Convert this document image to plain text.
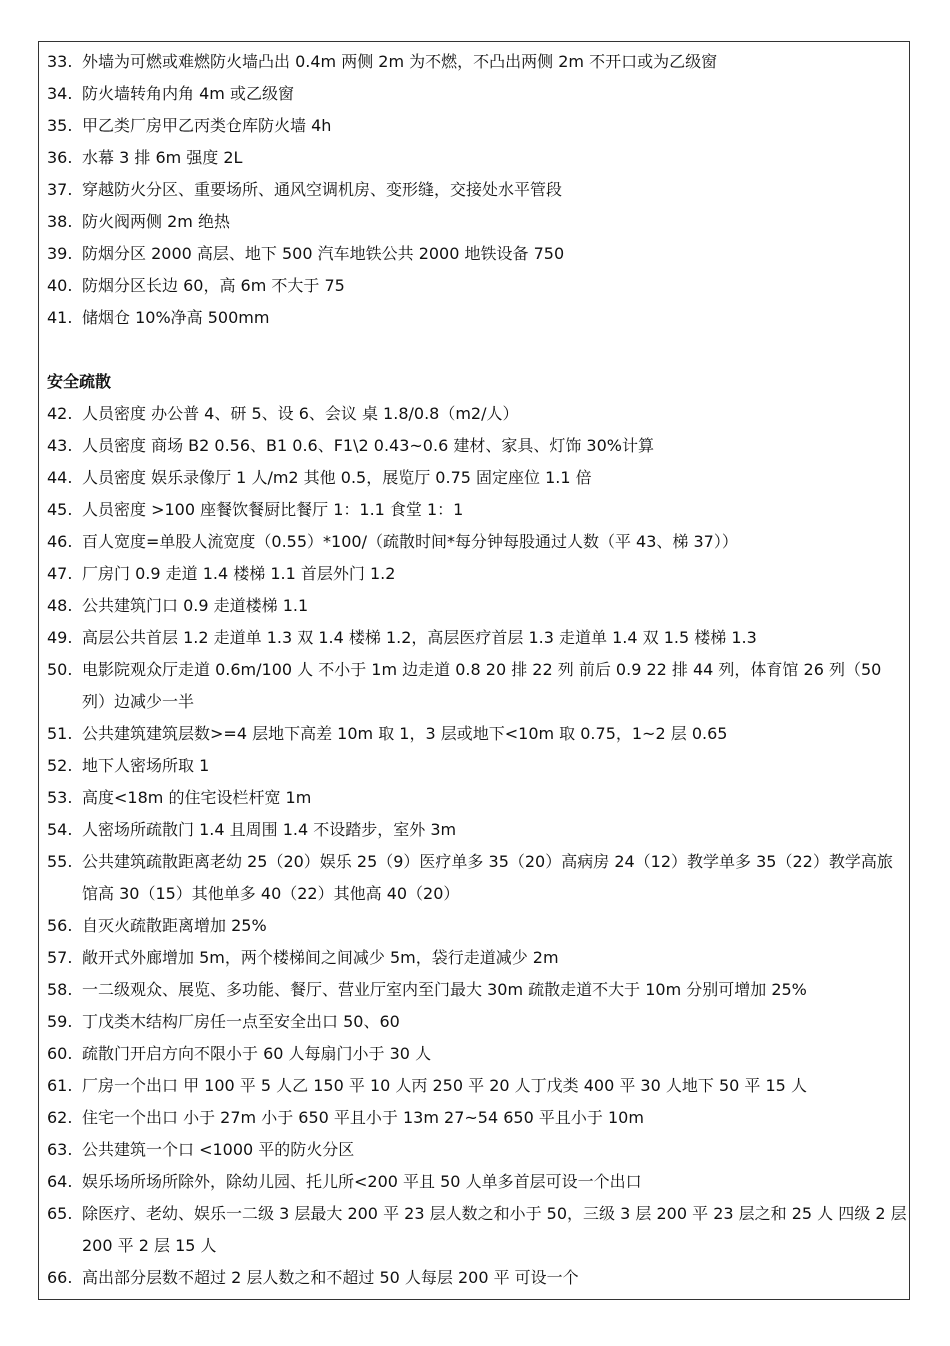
33. 外墙为可燃或难燃防火墙凸出 0.4m 两侧 2m 为不燃，不凸出两侧 2m 不开口或为乙级窗
34. 防火墙转角内角 4m 或乙级窗
35. 甲乙类厂房甲乙丙类仓库防火墙 4h
36. 水幕 3 排 6m 强度 2L
37. 穿越防火分区、重要场所、通风空调机房、变形缝，交接处水平管段
38. 防火阀两侧 2m 绝热
39. 防烟分区 2000 高层、地下 500 汽车地铁公共 2000 地铁设备 750
40. 防烟分区长边 60，高 6m 不大于 75
41. 储烟仓 10%净高 500mm
安全疏散
42. 人员密度 办公普 4、研 5、设 6、会议 桌 1.8/0.8（m2/人）
43. 人员密度 商场 B2 0.56、B1 0.6、F1\2 0.43~0.6 建材、家具、灯饰 30%计算
44. 人员密度 娱乐录像厅 1 人/m2 其他 0.5，展览厅 0.75 固定座位 1.1 倍
45. 人员密度 >100 座餐饮餐厨比餐厅 1：1.1 食堂 1：1
46. 百人宽度=单股人流宽度（0.55）*100/（疏散时间*每分钟每股通过人数（平 43、梯 37））
47. 厂房门 0.9 走道 1.4 楼梯 1.1 首层外门 1.2
48. 公共建筑门口 0.9 走道楼梯 1.1
49. 高层公共首层 1.2 走道单 1.3 双 1.4 楼梯 1.2，高层医疗首层 1.3 走道单 1.4 双 1.5 楼梯 1.3
50. 电影院观众厅走道 0.6m/100 人 不小于 1m 边走道 0.8 20 排 22 列 前后 0.9 22 排 44 列，体育馆 26 列（50 列）边减少一半
51. 公共建筑建筑层数>=4 层地下高差 10m 取 1，3 层或地下<10m 取 0.75，1~2 层 0.65
52. 地下人密场所取 1
53. 高度<18m 的住宅设栏杆宽 1m
54. 人密场所疏散门 1.4 且周围 1.4 不设踏步，室外 3m
55. 公共建筑疏散距离老幼 25（20）娱乐 25（9）医疗单多 35（20）高病房 24（12）教学单多 35（22）教学高旅馆高 30（15）其他单多 40（22）其他高 40（20）
56. 自灭火疏散距离增加 25%
57. 敞开式外廊增加 5m，两个楼梯间之间减少 5m，袋行走道减少 2m
58. 一二级观众、展览、多功能、餐厅、营业厅室内至门最大 30m 疏散走道不大于 10m 分别可增加 25%
59. 丁戊类木结构厂房任一点至安全出口 50、60
60. 疏散门开启方向不限小于 60 人每扇门小于 30 人
61. 厂房一个出口 甲 100 平 5 人乙 150 平 10 人丙 250 平 20 人丁戊类 400 平 30 人地下 50 平 15 人
62. 住宅一个出口 小于 27m 小于 650 平且小于 13m 27~54 650 平且小于 10m
63. 公共建筑一个口 <1000 平的防火分区
64. 娱乐场所场所除外，除幼儿园、托儿所<200 平且 50 人单多首层可设一个出口
65. 除医疗、老幼、娱乐一二级 3 层最大 200 平 23 层人数之和小于 50，三级 3 层 200 平 23 层之和 25 人 四级 2 层 200 平 2 层 15 人
66. 高出部分层数不超过 2 层人数之和不超过 50 人每层 200 平 可设一个
